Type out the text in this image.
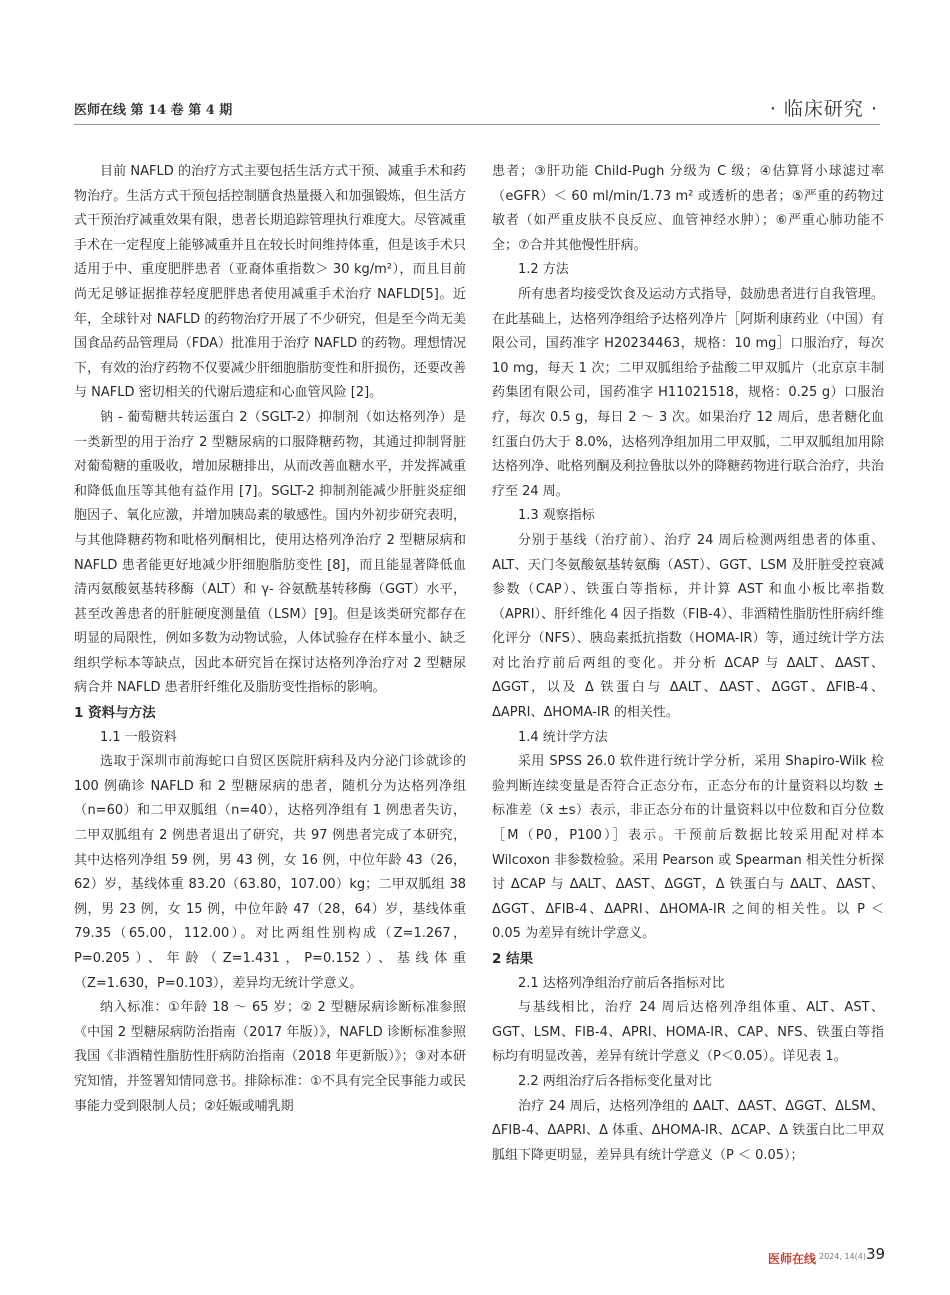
医师在线 第 14 卷 第 4 期	· 临床研究 ·

目前 NAFLD 的治疗方式主要包括生活方式干预、减重手术和药物治疗。生活方式干预包括控制膳食热量摄入和加强锻炼，但生活方式干预治疗减重效果有限，患者长期追踪管理执行难度大。尽管减重手术在一定程度上能够减重并且在较长时间维持体重，但是该手术只适用于中、重度肥胖患者（亚裔体重指数＞ 30 kg/m²），而且目前尚无足够证据推荐轻度肥胖患者使用减重手术治疗 NAFLD[5]。近年，全球针对 NAFLD 的药物治疗开展了不少研究，但是至今尚无美国食品药品管理局（FDA）批准用于治疗 NAFLD 的药物。理想情况下，有效的治疗药物不仅要减少肝细胞脂肪变性和肝损伤，还要改善与 NAFLD 密切相关的代谢后遗症和心血管风险 [2]。

钠 - 葡萄糖共转运蛋白 2（SGLT-2）抑制剂（如达格列净）是一类新型的用于治疗 2 型糖尿病的口服降糖药物，其通过抑制肾脏对葡萄糖的重吸收，增加尿糖排出，从而改善血糖水平，并发挥减重和降低血压等其他有益作用 [7]。SGLT-2 抑制剂能减少肝脏炎症细胞因子、氧化应激，并增加胰岛素的敏感性。国内外初步研究表明，与其他降糖药物和吡格列酮相比，使用达格列净治疗 2 型糖尿病和 NAFLD 患者能更好地减少肝细胞脂肪变性 [8]，而且能显著降低血清丙氨酸氨基转移酶（ALT）和 γ- 谷氨酰基转移酶（GGT）水平，甚至改善患者的肝脏硬度测量值（LSM）[9]。但是该类研究都存在明显的局限性，例如多数为动物试验，人体试验存在样本量小、缺乏组织学标本等缺点，因此本研究旨在探讨达格列净治疗对 2 型糖尿病合并 NAFLD 患者肝纤维化及脂肪变性指标的影响。

1 资料与方法

1.1 一般资料

选取于深圳市前海蛇口自贸区医院肝病科及内分泌门诊就诊的 100 例确诊 NAFLD 和 2 型糖尿病的患者，随机分为达格列净组（n=60）和二甲双胍组（n=40），达格列净组有 1 例患者失访，二甲双胍组有 2 例患者退出了研究，共 97 例患者完成了本研究，其中达格列净组 59 例，男 43 例，女 16 例，中位年龄 43（26，62）岁，基线体重 83.20（63.80，107.00）kg；二甲双胍组 38 例，男 23 例，女 15 例，中位年龄 47（28，64）岁，基线体重 79.35（65.00，112.00）。对比两组性别构成（Z=1.267，P=0.205）、年龄（Z=1.431，P=0.152）、基线体重（Z=1.630，P=0.103），差异均无统计学意义。

纳入标准：①年龄 18 ～ 65 岁；② 2 型糖尿病诊断标准参照《中国 2 型糖尿病防治指南（2017 年版）》，NAFLD 诊断标准参照我国《非酒精性脂肪性肝病防治指南（2018 年更新版）》；③对本研究知情，并签署知情同意书。排除标准：①不具有完全民事能力或民事能力受到限制人员；②妊娠或哺乳期

患者；③肝功能 Child-Pugh 分级为 C 级；④估算肾小球滤过率（eGFR）＜ 60 ml/min/1.73 m² 或透析的患者；⑤严重的药物过敏者（如严重皮肤不良反应、血管神经水肿）；⑥严重心肺功能不全；⑦合并其他慢性肝病。

1.2 方法

所有患者均接受饮食及运动方式指导，鼓励患者进行自我管理。在此基础上，达格列净组给予达格列净片［阿斯利康药业（中国）有限公司，国药准字 H20234463，规格：10 mg］口服治疗，每次 10 mg，每天 1 次；二甲双胍组给予盐酸二甲双胍片（北京京丰制药集团有限公司，国药准字 H11021518，规格：0.25 g）口服治疗，每次 0.5 g，每日 2 ～ 3 次。如果治疗 12 周后，患者糖化血红蛋白仍大于 8.0%，达格列净组加用二甲双胍，二甲双胍组加用除达格列净、吡格列酮及利拉鲁肽以外的降糖药物进行联合治疗，共治疗至 24 周。

1.3 观察指标

分别于基线（治疗前）、治疗 24 周后检测两组患者的体重、ALT、天门冬氨酸氨基转氨酶（AST）、GGT、LSM 及肝脏受控衰减参数（CAP）、铁蛋白等指标，并计算 AST 和血小板比率指数（APRI）、肝纤维化 4 因子指数（FIB-4）、非酒精性脂肪性肝病纤维化评分（NFS）、胰岛素抵抗指数（HOMA-IR）等，通过统计学方法对比治疗前后两组的变化。并分析 ΔCAP 与 ΔALT、ΔAST、ΔGGT，以及 Δ 铁蛋白与 ΔALT、ΔAST、ΔGGT、ΔFIB-4、ΔAPRI、ΔHOMA-IR 的相关性。

1.4 统计学方法

采用 SPSS 26.0 软件进行统计学分析，采用 Shapiro-Wilk 检验判断连续变量是否符合正态分布，正态分布的计量资料以均数 ± 标准差（x̄ ±s）表示，非正态分布的计量资料以中位数和百分位数［M（P0，P100）］表示。干预前后数据比较采用配对样本 Wilcoxon 非参数检验。采用 Pearson 或 Spearman 相关性分析探讨 ΔCAP 与 ΔALT、ΔAST、ΔGGT，Δ 铁蛋白与 ΔALT、ΔAST、ΔGGT、ΔFIB-4、ΔAPRI、ΔHOMA-IR 之间的相关性。以 P ＜ 0.05 为差异有统计学意义。

2 结果

2.1 达格列净组治疗前后各指标对比

与基线相比，治疗 24 周后达格列净组体重、ALT、AST、GGT、LSM、FIB-4、APRI、HOMA-IR、CAP、NFS、铁蛋白等指标均有明显改善，差异有统计学意义（P＜0.05）。详见表 1。

2.2 两组治疗后各指标变化量对比

治疗 24 周后，达格列净组的 ΔALT、ΔAST、ΔGGT、ΔLSM、ΔFIB-4、ΔAPRI、Δ 体重、ΔHOMA-IR、ΔCAP、Δ 铁蛋白比二甲双胍组下降更明显，差异具有统计学意义（P ＜ 0.05）；

医师在线 2024, 14(4) 39
